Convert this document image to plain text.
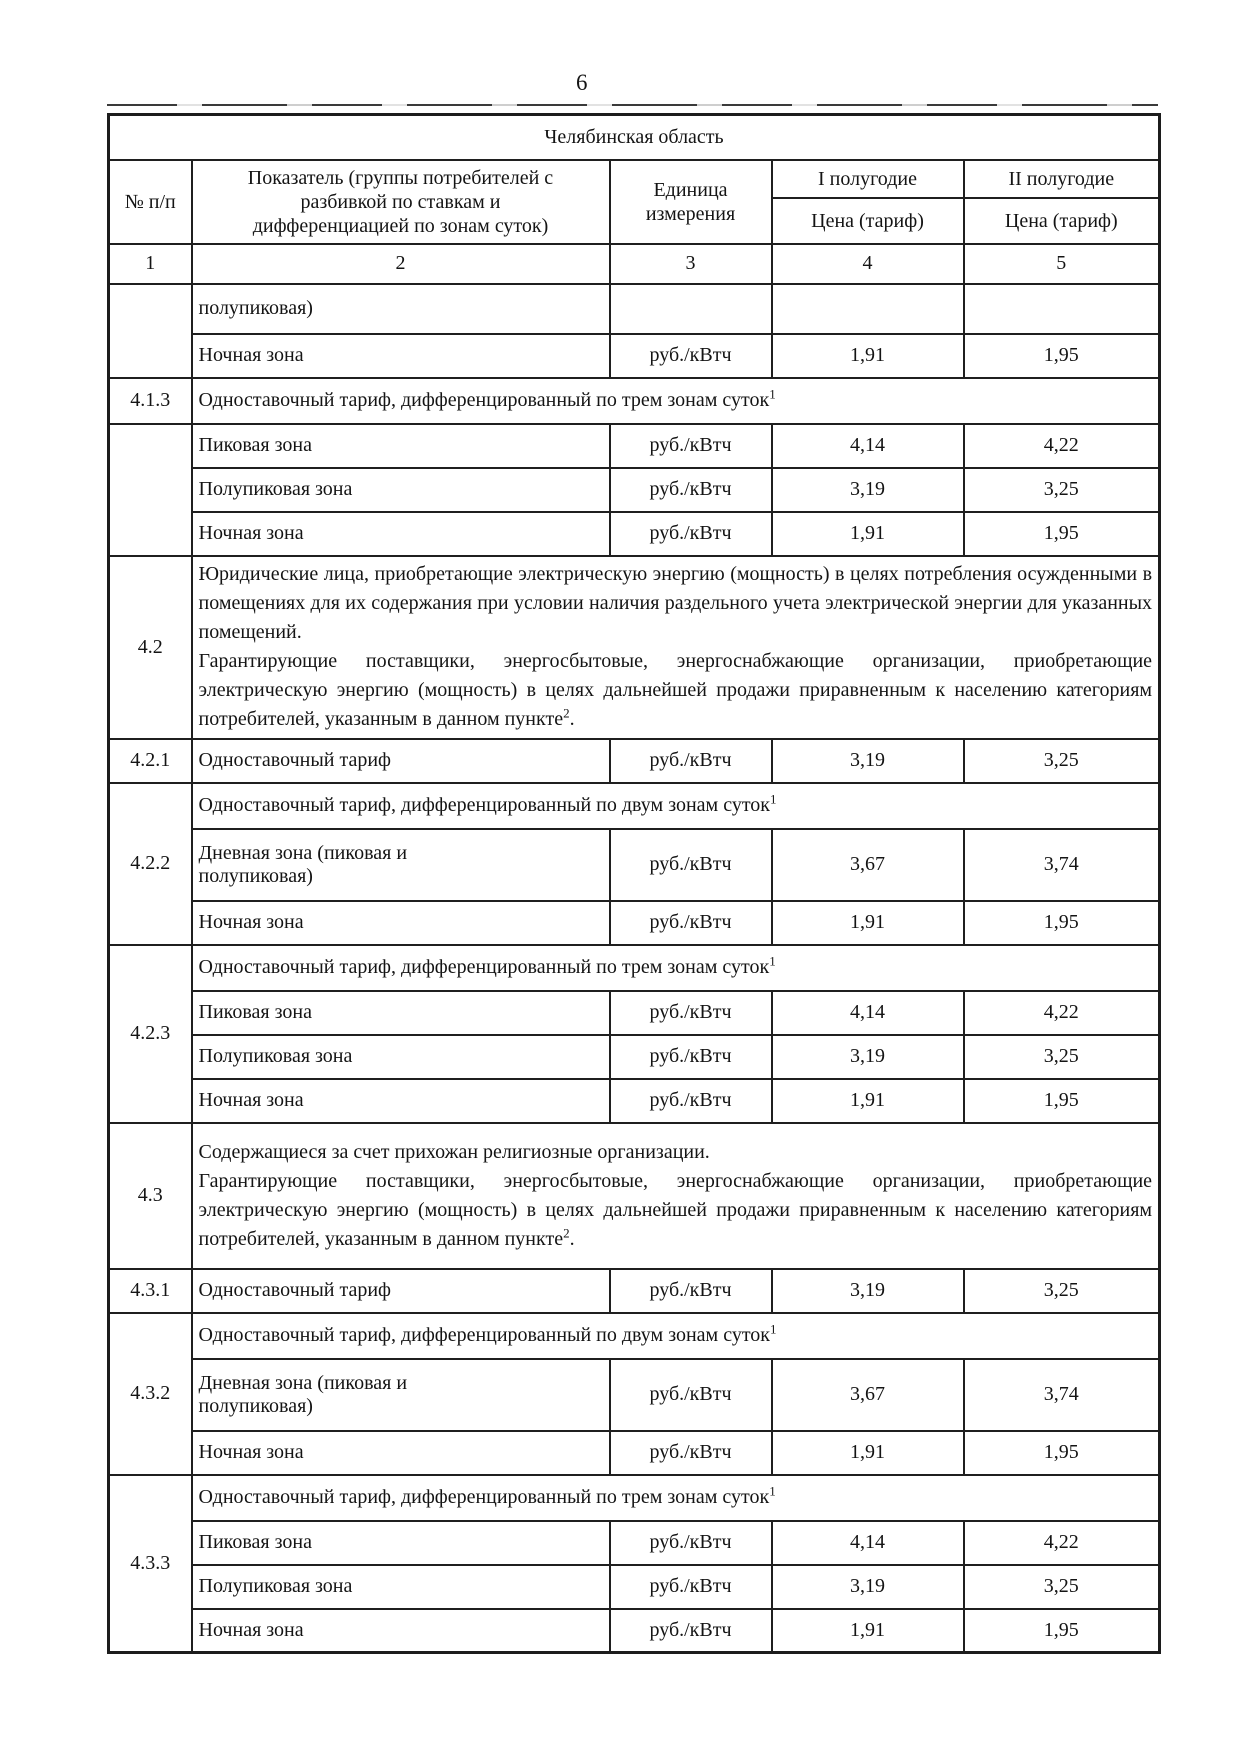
6
Челябинская область				
№ п/п	Показатель (группы потребителей с разбивкой по ставкам и дифференциацией по зонам суток)	Единица измерения	I полугодие	II полугодие
			Цена (тариф)	Цена (тариф)
1	2	3	4	5
	полупиковая)			
	Ночная зона	руб./кВтч	1,91	1,95
4.1.3	Одноставочный тариф, дифференцированный по трем зонам суток$^1$
	Пиковая зона	руб./кВтч	4,14	4,22
	Полупиковая зона	руб./кВтч	3,19	3,25
	Ночная зона	руб./кВтч	1,91	1,95
4.2	Юридические лица, приобретающие электрическую энергию (мощность) в целях потребления осужденными в помещениях для их содержания при условии наличия раздельного учета электрической энергии для указанных помещений.

Гарантирующие поставщики, энергосбытовые, энергоснабжающие организации, приобретающие электрическую энергию (мощность) в целях дальнейшей продажи приравненным к населению категориям потребителей, указанным в данном пункте$^2$.			

4.2.1	Одноставочный тариф	руб./кВтч	3,19	3,25
4.2.2	Одноставочный тариф, дифференцированный по двум зонам суток$^1$
	Дневная зона (пиковая и полупиковая)	руб./кВтч	3,67	3,74
	Ночная зона	руб./кВтч	1,91	1,95
4.2.3	Одноставочный тариф, дифференцированный по трем зонам суток$^1$
	Пиковая зона	руб./кВтч	4,14	4,22
	Полупиковая зона	руб./кВтч	3,19	3,25
	Ночная зона	руб./кВтч	1,91	1,95
4.3	Содержащиеся за счет прихожан религиозные организации.

Гарантирующие поставщики, энергосбытовые, энергоснабжающие организации, приобретающие электрическую энергию (мощность) в целях дальнейшей продажи приравненным к населению категориям потребителей, указанным в данном пункте$^2$.			

4.3.1	Одноставочный тариф	руб./кВтч	3,19	3,25
4.3.2	Одноставочный тариф, дифференцированный по двум зонам суток$^1$
	Дневная зона (пиковая и полупиковая)	руб./кВтч	3,67	3,74
	Ночная зона	руб./кВтч	1,91	1,95
4.3.3	Одноставочный тариф, дифференцированный по трем зонам суток$^1$
	Пиковая зона	руб./кВтч	4,14	4,22
	Полупиковая зона	руб./кВтч	3,19	3,25
	Ночная зона	руб./кВтч	1,91	1,95
